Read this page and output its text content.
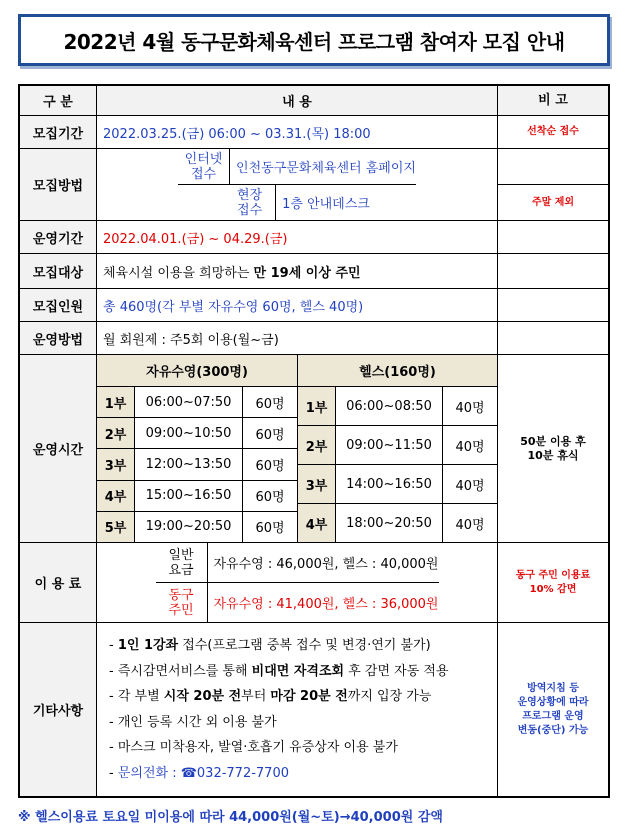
2022년 4월 동구문화체육센터 프로그램 참여자 모집 안내
구 분	내 용	비 고
모집기간	2022.03.25.(금) 06:00 ~ 03.31.(목) 18:00	선착순 접수
모집방법
인터넷
접수	인천동구문화체육센터 홈페이지
현장
접수	1층 안내데스크	주말 제외
운영기간	2022.04.01.(금) ~ 04.29.(금)
모집대상	체육시설 이용을 희망하는 만 19세 이상 주민
모집인원	총 460명(각 부별 자유수영 60명, 헬스 40명)
운영방법	월 회원제 : 주5회 이용(월~금)
운영시간
자유수영(300명)
1부	06:00~07:50	60명
2부	09:00~10:50	60명
3부	12:00~13:50	60명
4부	15:00~16:50	60명
5부	19:00~20:50	60명
헬스(160명)
1부	06:00~08:50	40명
2부	09:00~11:50	40명
3부	14:00~16:50	40명
4부	18:00~20:50	40명
50분 이용 후
10분 휴식
이 용 료
일반
요금	자유수영 : 46,000원, 헬스 : 40,000원
동구
주민	자유수영 : 41,400원, 헬스 : 36,000원
동구 주민 이용료
10% 감면
기타사항
- 1인 1강좌 접수(프로그램 중복 접수 및 변경·연기 불가)
- 즉시감면서비스를 통해 비대면 자격조회 후 감면 자동 적용
- 각 부별 시작 20분 전부터 마감 20분 전까지 입장 가능
- 개인 등록 시간 외 이용 불가
- 마스크 미착용자, 발열·호흡기 유증상자 이용 불가
- 문의전화 : ☎032-772-7700
방역지침 등
운영상황에 따라
프로그램 운영
변동(중단) 가능
※ 헬스이용료 토요일 미이용에 따라 44,000원(월~토)→40,000원 감액
